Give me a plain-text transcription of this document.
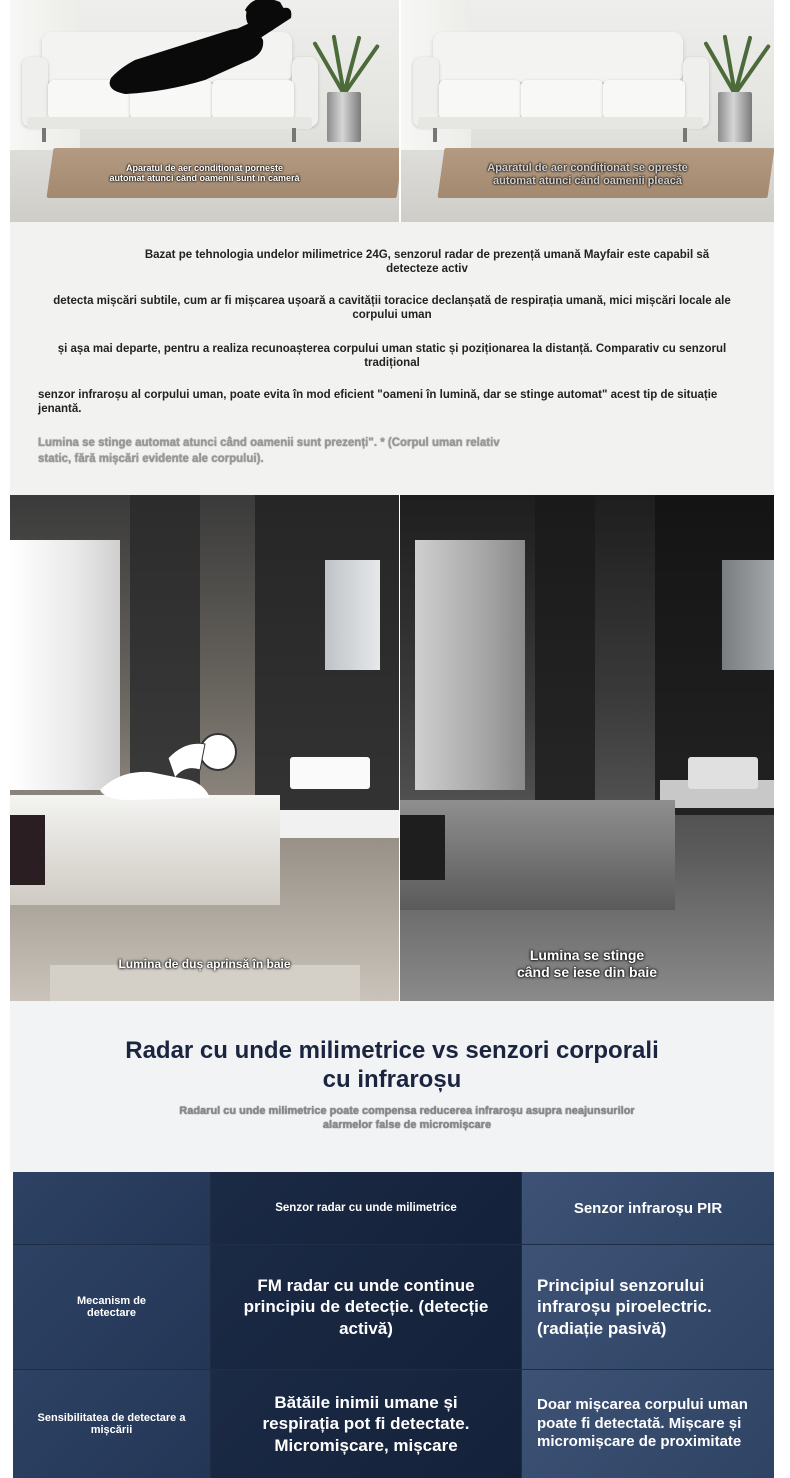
Aparatul de aer condiționat pornește
automat atunci când oamenii sunt în cameră
Aparatul de aer condiționat se oprește
automat atunci când oamenii pleacă
Bazat pe tehnologia undelor milimetrice 24G, senzorul radar de prezență umană Mayfair este capabil să detecteze activ
detecta mișcări subtile, cum ar fi mișcarea ușoară a cavității toracice declanșată de respirația umană, mici mișcări locale ale corpului uman
și așa mai departe, pentru a realiza recunoașterea corpului uman static și poziționarea la distanță. Comparativ cu senzorul tradițional
senzor infraroșu al corpului uman, poate evita în mod eficient "oameni în lumină, dar se stinge automat" acest tip de situație jenantă.
Lumina se stinge automat atunci când oamenii sunt prezenți". * (Corpul uman relativ
static, fără mișcări evidente ale corpului).
Lumina de duș aprinsă în baie
Lumina se stinge
când se iese din baie
Radar cu unde milimetrice vs senzori corporali
cu infraroșu
Radarul cu unde milimetrice poate compensa reducerea infraroșu asupra neajunsurilor
alarmelor false de micromișcare
Senzor radar cu unde milimetrice	Senzor infraroșu PIR
Mecanism de detectare
FM radar cu unde continue principiu de detecție. (detecție activă)
Principiul senzorului infraroșu piroelectric. (radiație pasivă)
Sensibilitatea de detectare a mișcării
Bătăile inimii umane și respirația pot fi detectate. Micromișcare, mișcare
Doar mișcarea corpului uman poate fi detectată. Mișcare și micromișcare de proximitate
